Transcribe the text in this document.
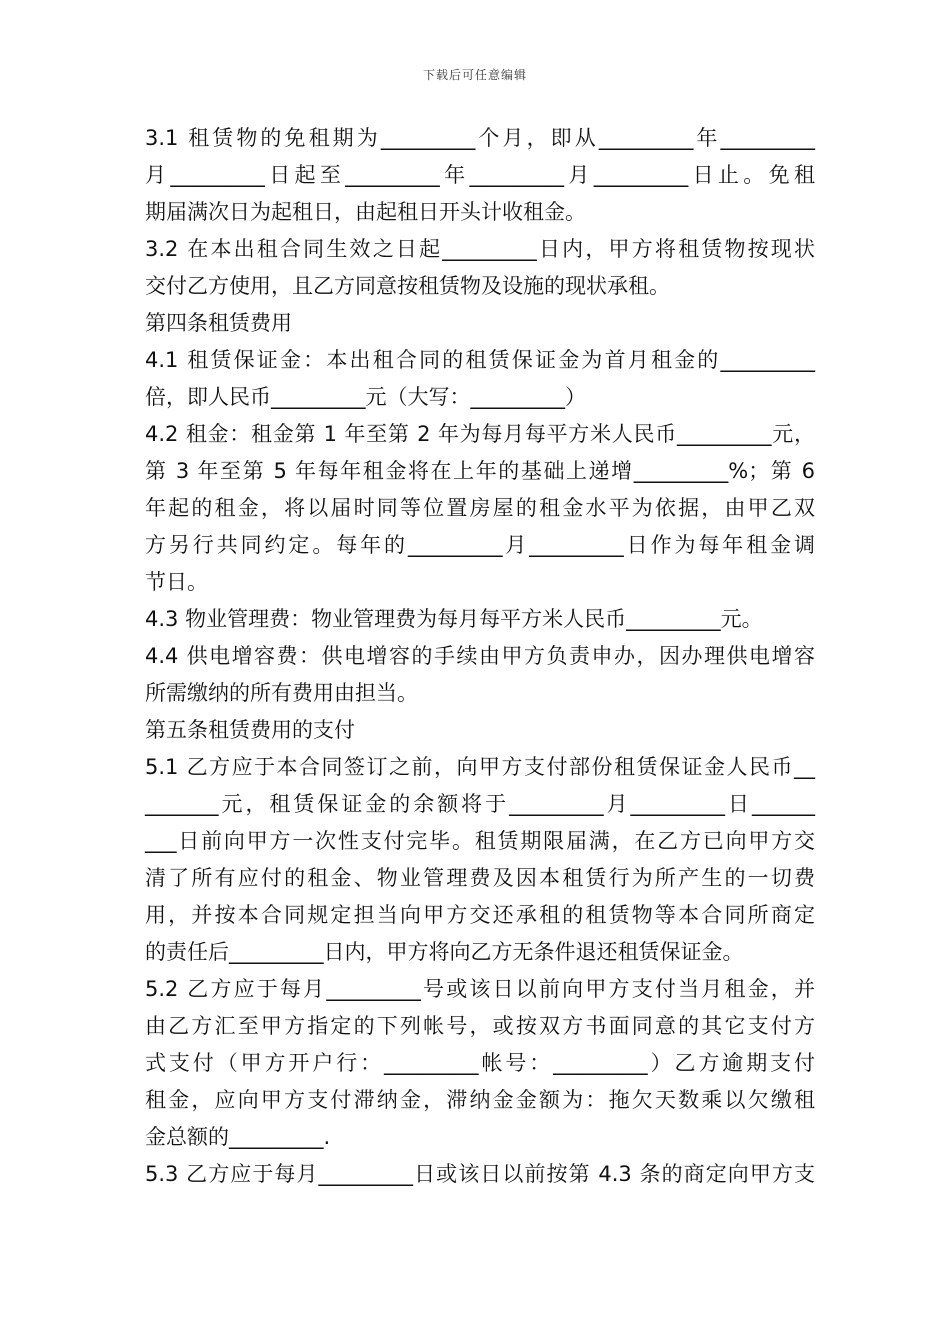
下载后可任意编辑
3.1 租赁物的免租期为_________个月，即从_________年_________
月_________日起至_________年_________月_________日止。免租
期届满次日为起租日，由起租日开头计收租金。
3.2 在本出租合同生效之日起_________日内，甲方将租赁物按现状
交付乙方使用，且乙方同意按租赁物及设施的现状承租。
第四条租赁费用
4.1 租赁保证金：本出租合同的租赁保证金为首月租金的_________
倍，即人民币_________元（大写：_________）
4.2 租金：租金第 1 年至第 2 年为每月每平方米人民币_________元，
第 3 年至第 5 年每年租金将在上年的基础上递增_________%；第 6
年起的租金，将以届时同等位置房屋的租金水平为依据，由甲乙双
方另行共同约定。每年的_________月_________日作为每年租金调
节日。
4.3 物业管理费：物业管理费为每月每平方米人民币_________元。
4.4 供电增容费：供电增容的手续由甲方负责申办，因办理供电增容
所需缴纳的所有费用由担当。
第五条租赁费用的支付
5.1 乙方应于本合同签订之前，向甲方支付部份租赁保证金人民币__
_______元，租赁保证金的余额将于_________月_________日______
___日前向甲方一次性支付完毕。租赁期限届满，在乙方已向甲方交
清了所有应付的租金、物业管理费及因本租赁行为所产生的一切费
用，并按本合同规定担当向甲方交还承租的租赁物等本合同所商定
的责任后_________日内，甲方将向乙方无条件退还租赁保证金。
5.2 乙方应于每月_________号或该日以前向甲方支付当月租金，并
由乙方汇至甲方指定的下列帐号，或按双方书面同意的其它支付方
式支付（甲方开户行：_________帐号：_________）乙方逾期支付
租金，应向甲方支付滞纳金，滞纳金金额为：拖欠天数乘以欠缴租
金总额的_________.
5.3 乙方应于每月_________日或该日以前按第 4.3 条的商定向甲方支
